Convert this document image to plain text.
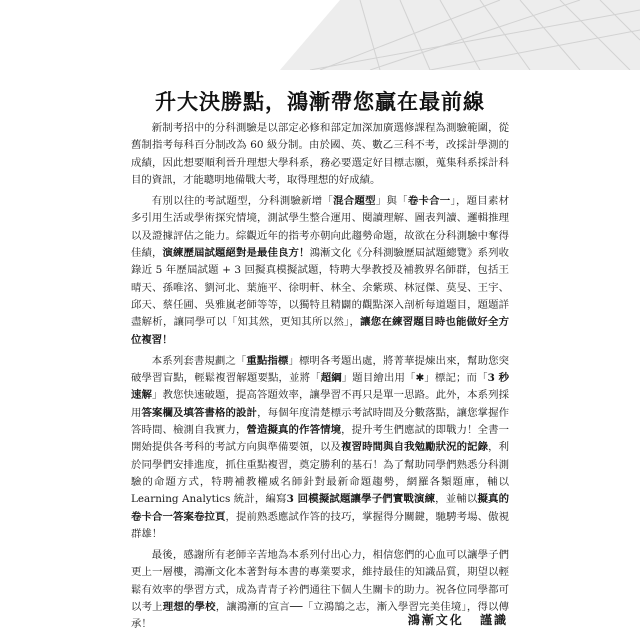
升大決勝點，鴻漸帶您贏在最前線

新制考招中的分科測驗是以部定必修和部定加深加廣選修課程為測驗範圍，從舊制指考每科百分制改為 60 級分制。由於國、英、數乙三科不考，改採計學測的成績，因此想要順利晉升理想大學科系，務必要選定好目標志願，蒐集科系採計科目的資訊，才能聰明地備戰大考，取得理想的好成績。

有別以往的考試題型，分科測驗新增「混合題型」與「卷卡合一」，題目素材多引用生活或學術探究情境，測試學生整合運用、閱讀理解、圖表判讀、邏輯推理以及證據評估之能力。綜觀近年的指考亦朝向此趨勢命題，故欲在分科測驗中奪得佳績，演練歷屆試題絕對是最佳良方！鴻漸文化《分科測驗歷屆試題總覽》系列收錄近 5 年歷屆試題 + 3 回擬真模擬試題，特聘大學教授及補教界名師群，包括王晴天、孫唯洺、劉河北、葉施平、徐明軒、林全、余紫瑛、林冠傑、莫旻、王宇、邱天、蔡任圃、吳雅嵐老師等等，以獨特且精闢的觀點深入剖析每道題目，題題詳盡解析，讓同學可以「知其然，更知其所以然」，讓您在練習題目時也能做好全方位複習！

本系列套書規劃之「重點指標」標明各考題出處，將菁華提煉出來，幫助您突破學習盲點，輕鬆複習解題要點，並將「超綱」題目繪出用「✱」標記；而「3 秒速解」教您快速破題，提高答題效率，讓學習不再只是單一思路。此外，本系列採用答案欄及填答書格的設計，每個年度清楚標示考試時間及分數落點，讓您掌握作答時間、檢測自我實力，營造擬真的作答情境，提升考生們應試的即戰力！全書一開始提供各考科的考試方向與準備要領，以及複習時間與自我勉勵狀況的記錄，利於同學們安排進度，抓住重點複習，奠定勝利的基石！為了幫助同學們熟悉分科測驗的命題方式，特聘補教權威名師針對最新命題趨勢，網羅各類題庫，輔以 Learning Analytics 統計，編寫3 回模擬試題讓學子們實戰演練，並輔以擬真的卷卡合一答案卷拉頁，提前熟悉應試作答的技巧，掌握得分關鍵，馳騁考場、傲視群雄！

最後，感謝所有老師辛苦地為本系列付出心力，相信您們的心血可以讓學子們更上一層樓，鴻漸文化本著對每本書的專業要求，維持最佳的知識品質，期望以輕鬆有效率的學習方式，成為青青子衿們通往下個人生關卡的助力。祝各位同學都可以考上理想的學校，讓鴻漸的宣言──「立鴻鵠之志，漸入學習完美佳境」，得以傳承！	鴻漸文化 謹識
